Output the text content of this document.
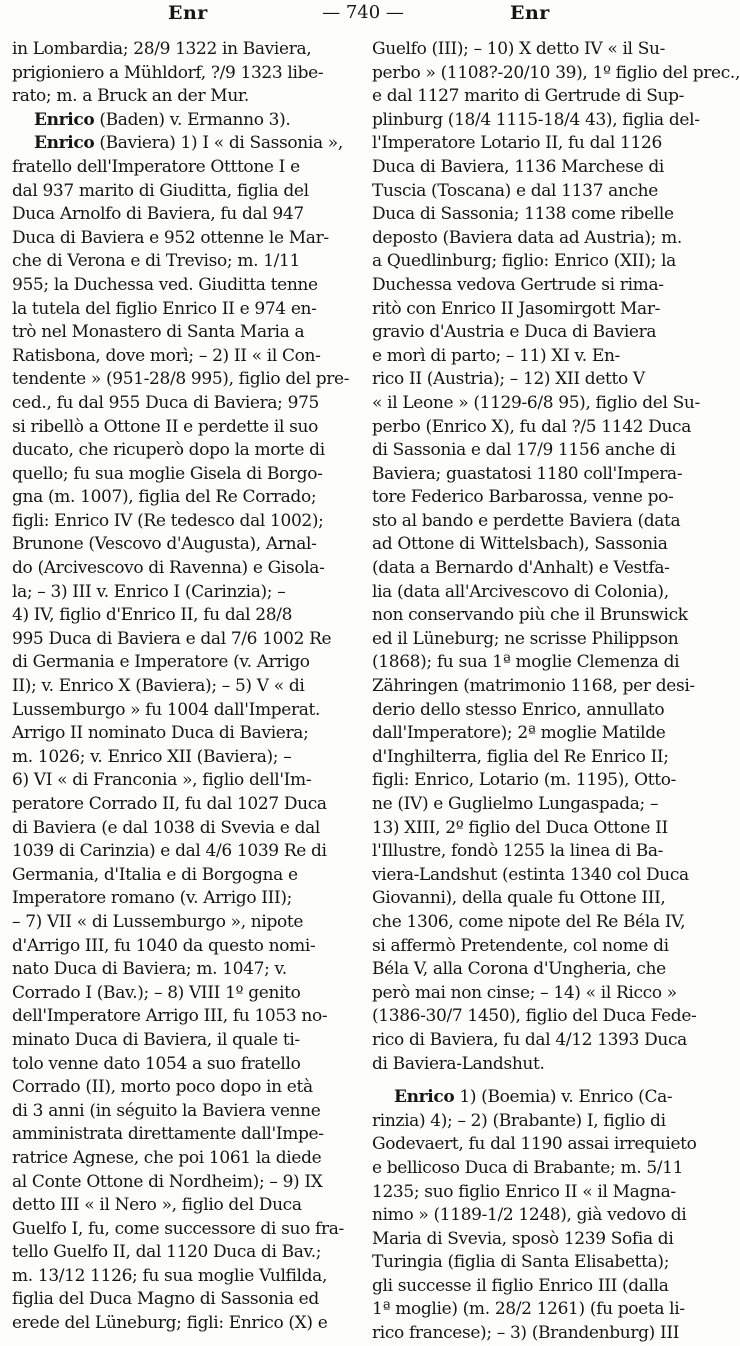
Enr	— 740 —	Enr
in Lombardia; 28/9 1322 in Baviera,
prigioniero a Mühldorf, ?/9 1323 libe-
rato; m. a Bruck an der Mur.
Enrico (Baden) v. Ermanno 3).
Enrico (Baviera) 1) I « di Sassonia »,
fratello dell'Imperatore Otttone I e
dal 937 marito di Giuditta, figlia del
Duca Arnolfo di Baviera, fu dal 947
Duca di Baviera e 952 ottenne le Mar-
che di Verona e di Treviso; m. 1/11
955; la Duchessa ved. Giuditta tenne
la tutela del figlio Enrico II e 974 en-
trò nel Monastero di Santa Maria a
Ratisbona, dove morì; – 2) II « il Con-
tendente » (951-28/8 995), figlio del pre-
ced., fu dal 955 Duca di Baviera; 975
si ribellò a Ottone II e perdette il suo
ducato, che ricuperò dopo la morte di
quello; fu sua moglie Gisela di Borgo-
gna (m. 1007), figlia del Re Corrado;
figli: Enrico IV (Re tedesco dal 1002);
Brunone (Vescovo d'Augusta), Arnal-
do (Arcivescovo di Ravenna) e Gisola-
la; – 3) III v. Enrico I (Carinzia); –
4) IV, figlio d'Enrico II, fu dal 28/8
995 Duca di Baviera e dal 7/6 1002 Re
di Germania e Imperatore (v. Arrigo
II); v. Enrico X (Baviera); – 5) V « di
Lussemburgo » fu 1004 dall'Imperat.
Arrigo II nominato Duca di Baviera;
m. 1026; v. Enrico XII (Baviera); –
6) VI « di Franconia », figlio dell'Im-
peratore Corrado II, fu dal 1027 Duca
di Baviera (e dal 1038 di Svevia e dal
1039 di Carinzia) e dal 4/6 1039 Re di
Germania, d'Italia e di Borgogna e
Imperatore romano (v. Arrigo III);
– 7) VII « di Lussemburgo », nipote
d'Arrigo III, fu 1040 da questo nomi-
nato Duca di Baviera; m. 1047; v.
Corrado I (Bav.); – 8) VIII 1º genito
dell'Imperatore Arrigo III, fu 1053 no-
minato Duca di Baviera, il quale ti-
tolo venne dato 1054 a suo fratello
Corrado (II), morto poco dopo in età
di 3 anni (in séguito la Baviera venne
amministrata direttamente dall'Impe-
ratrice Agnese, che poi 1061 la diede
al Conte Ottone di Nordheim); – 9) IX
detto III « il Nero », figlio del Duca
Guelfo I, fu, come successore di suo fra-
tello Guelfo II, dal 1120 Duca di Bav.;
m. 13/12 1126; fu sua moglie Vulfilda,
figlia del Duca Magno di Sassonia ed
erede del Lüneburg; figli: Enrico (X) e
Guelfo (III); – 10) X detto IV « il Su-
perbo » (1108?-20/10 39), 1º figlio del prec.,
e dal 1127 marito di Gertrude di Sup-
plinburg (18/4 1115-18/4 43), figlia del-
l'Imperatore Lotario II, fu dal 1126
Duca di Baviera, 1136 Marchese di
Tuscia (Toscana) e dal 1137 anche
Duca di Sassonia; 1138 come ribelle
deposto (Baviera data ad Austria); m.
a Quedlinburg; figlio: Enrico (XII); la
Duchessa vedova Gertrude si rima-
ritò con Enrico II Jasomirgott Mar-
gravio d'Austria e Duca di Baviera
e morì di parto; – 11) XI v. En-
rico II (Austria); – 12) XII detto V
« il Leone » (1129-6/8 95), figlio del Su-
perbo (Enrico X), fu dal ?/5 1142 Duca
di Sassonia e dal 17/9 1156 anche di
Baviera; guastatosi 1180 coll'Impera-
tore Federico Barbarossa, venne po-
sto al bando e perdette Baviera (data
ad Ottone di Wittelsbach), Sassonia
(data a Bernardo d'Anhalt) e Vestfa-
lia (data all'Arcivescovo di Colonia),
non conservando più che il Brunswick
ed il Lüneburg; ne scrisse Philippson
(1868); fu sua 1ª moglie Clemenza di
Zähringen (matrimonio 1168, per desi-
derio dello stesso Enrico, annullato
dall'Imperatore); 2ª moglie Matilde
d'Inghilterra, figlia del Re Enrico II;
figli: Enrico, Lotario (m. 1195), Otto-
ne (IV) e Guglielmo Lungaspada; –
13) XIII, 2º figlio del Duca Ottone II
l'Illustre, fondò 1255 la linea di Ba-
viera-Landshut (estinta 1340 col Duca
Giovanni), della quale fu Ottone III,
che 1306, come nipote del Re Béla IV,
si affermò Pretendente, col nome di
Béla V, alla Corona d'Ungheria, che
però mai non cinse; – 14) « il Ricco »
(1386-30/7 1450), figlio del Duca Fede-
rico di Baviera, fu dal 4/12 1393 Duca
di Baviera-Landshut.
Enrico 1) (Boemia) v. Enrico (Ca-
rinzia) 4); – 2) (Brabante) I, figlio di
Godevaert, fu dal 1190 assai irrequieto
e bellicoso Duca di Brabante; m. 5/11
1235; suo figlio Enrico II « il Magna-
nimo » (1189-1/2 1248), già vedovo di
Maria di Svevia, sposò 1239 Sofia di
Turingia (figlia di Santa Elisabetta);
gli successe il figlio Enrico III (dalla
1ª moglie) (m. 28/2 1261) (fu poeta li-
rico francese); – 3) (Brandenburg) III
